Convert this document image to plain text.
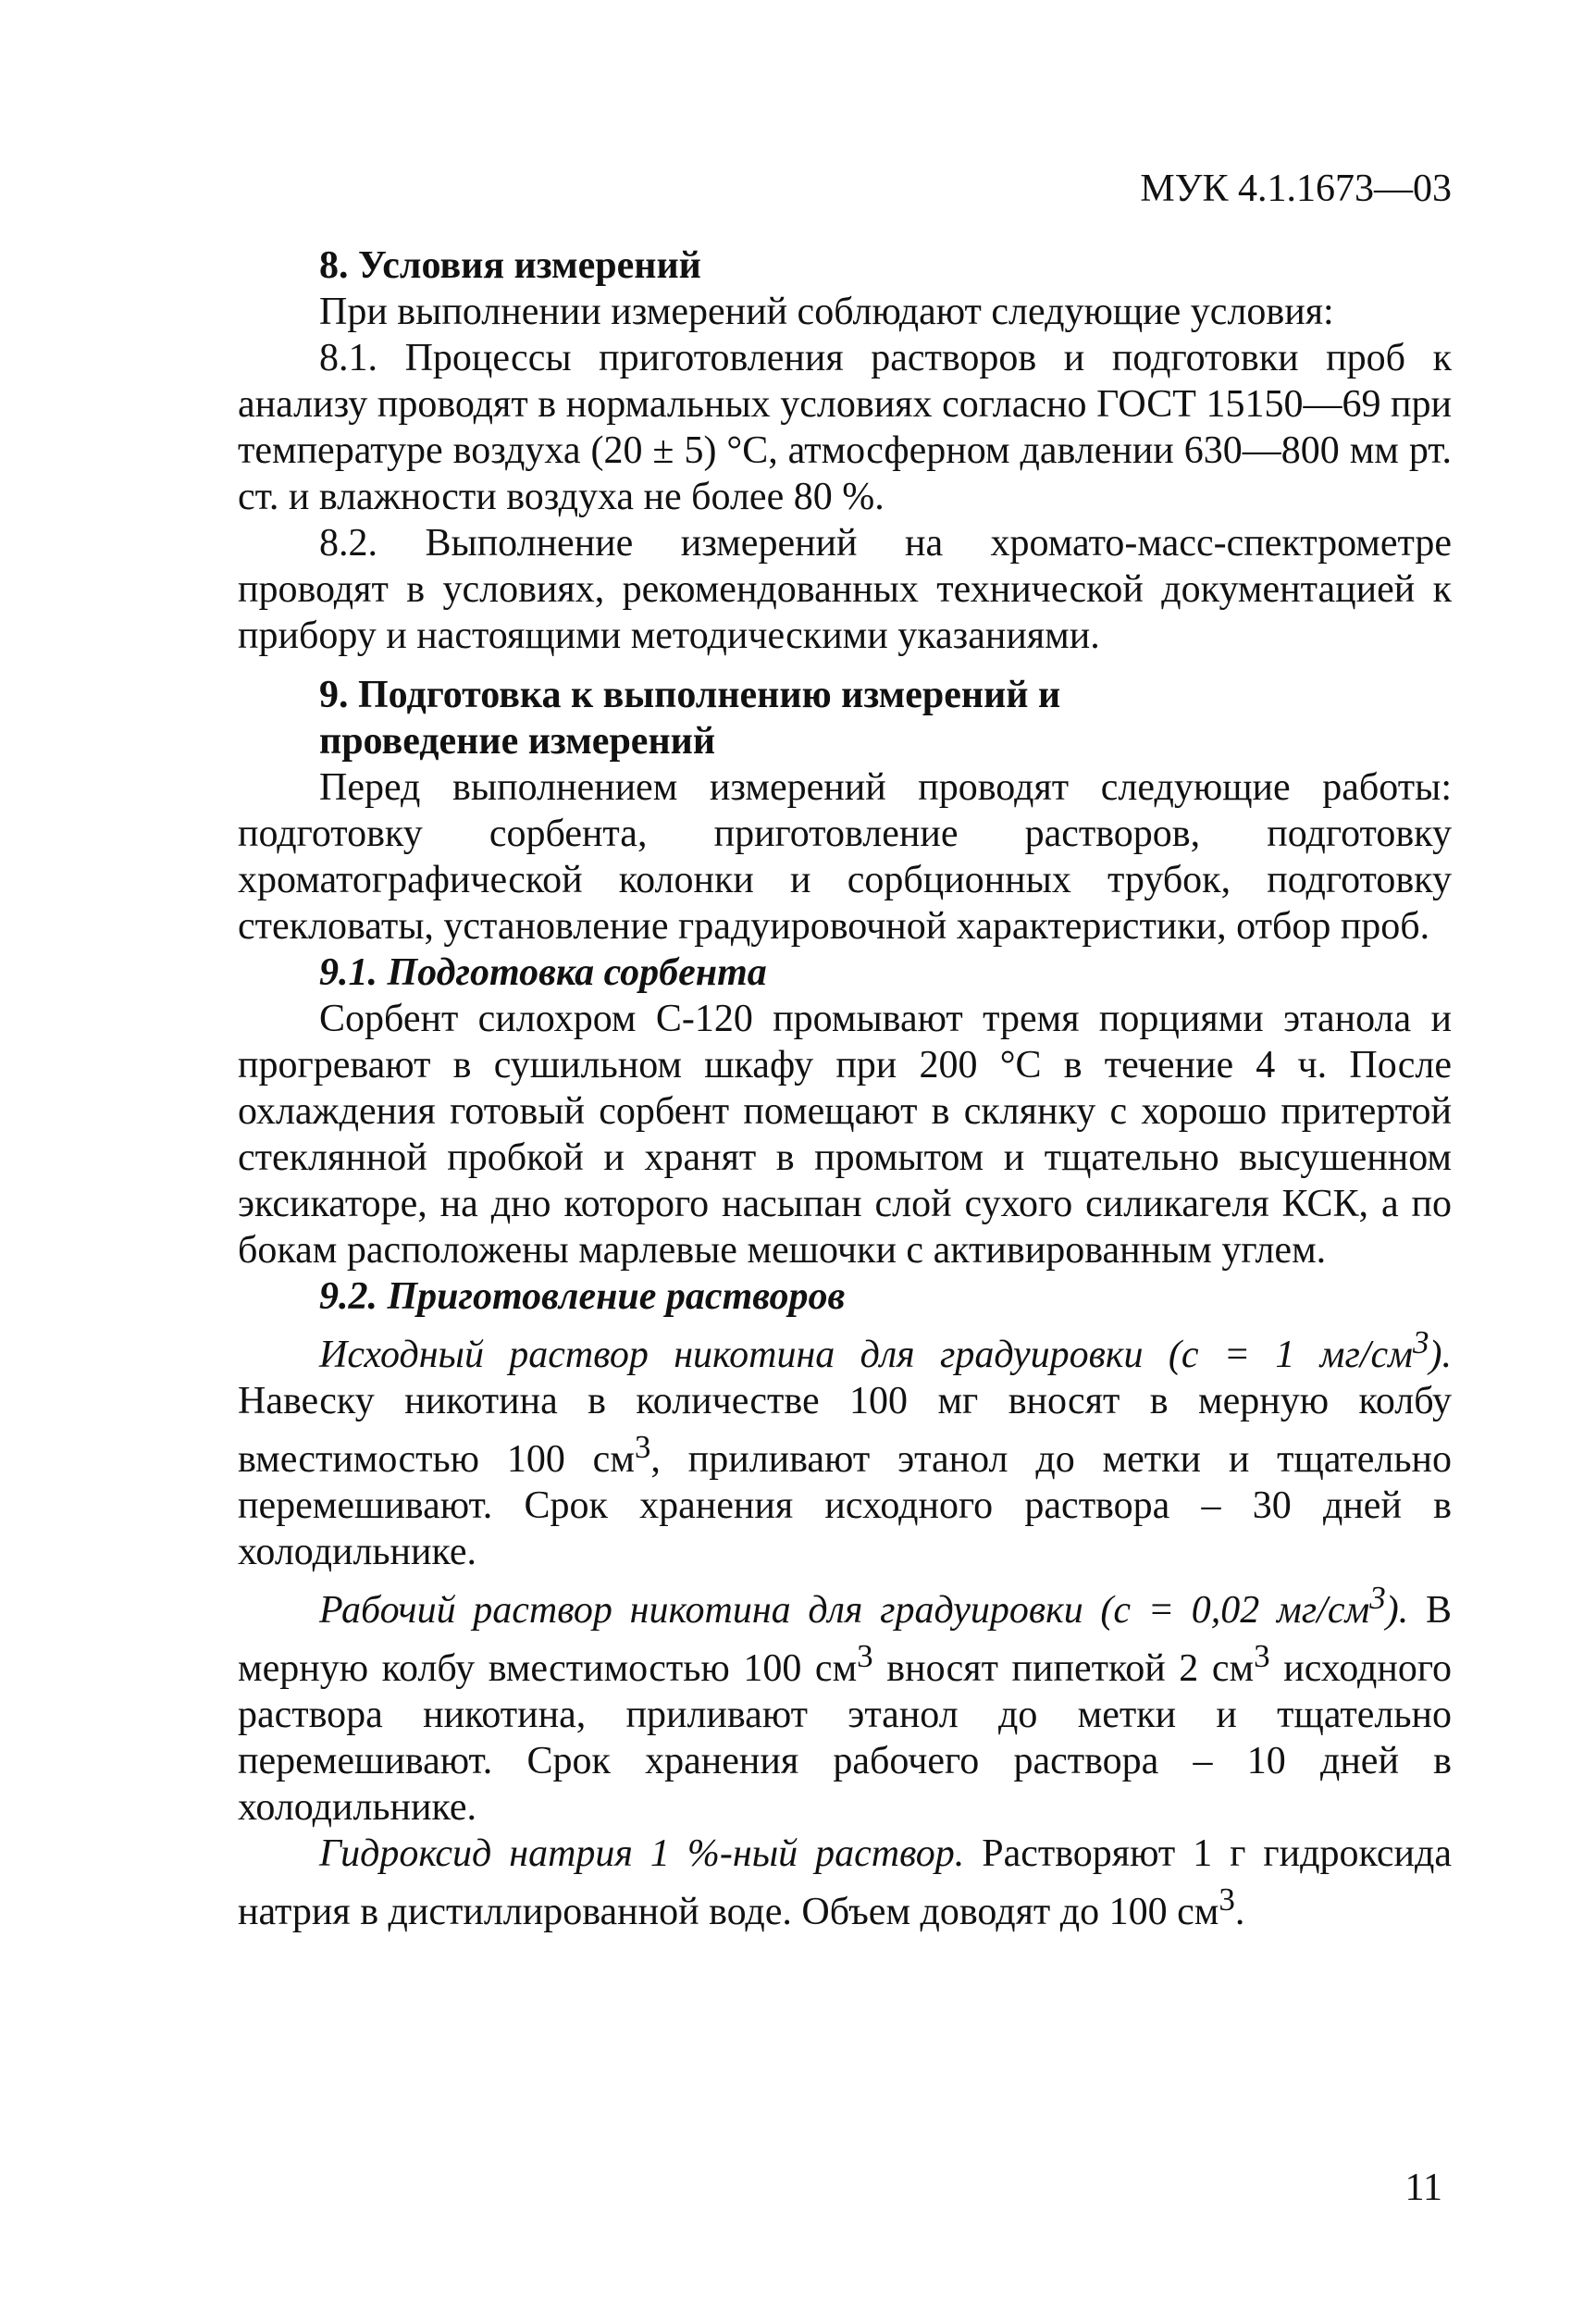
МУК 4.1.1673—03

8. Условия измерений

При выполнении измерений соблюдают следующие условия:

8.1. Процессы приготовления растворов и подготовки проб к анализу проводят в нормальных условиях согласно ГОСТ 15150—69 при температуре воздуха (20 ± 5) °С, атмосферном давлении 630—800 мм рт. ст. и влажности воздуха не более 80 %.

8.2. Выполнение измерений на хромато-масс-спектрометре проводят в условиях, рекомендованных технической документацией к прибору и настоящими методическими указаниями.

9. Подготовка к выполнению измерений и
проведение измерений

Перед выполнением измерений проводят следующие работы: подготовку сорбента, приготовление растворов, подготовку хроматографической колонки и сорбционных трубок, подготовку стекловаты, установление градуировочной характеристики, отбор проб.

9.1. Подготовка сорбента

Сорбент силохром С-120 промывают тремя порциями этанола и прогревают в сушильном шкафу при 200 °С в течение 4 ч. После охлаждения готовый сорбент помещают в склянку с хорошо притертой стеклянной пробкой и хранят в промытом и тщательно высушенном эксикаторе, на дно которого насыпан слой сухого силикагеля КСК, а по бокам расположены марлевые мешочки с активированным углем.

9.2. Приготовление растворов

Исходный раствор никотина для градуировки (с = 1 $мг/см^3$). Навеску никотина в количестве 100 мг вносят в мерную колбу вместимостью 100 $см^3$, приливают этанол до метки и тщательно перемешивают. Срок хранения исходного раствора – 30 дней в холодильнике.

Рабочий раствор никотина для градуировки (с = 0,02 $мг/см^3$). В мерную колбу вместимостью 100 $см^3$ вносят пипеткой 2 $см^3$ исходного раствора никотина, приливают этанол до метки и тщательно перемешивают. Срок хранения рабочего раствора – 10 дней в холодильнике.

Гидроксид натрия 1 %-ный раствор. Растворяют 1 г гидроксида натрия в дистиллированной воде. Объем доводят до 100 $см^3$.

11
